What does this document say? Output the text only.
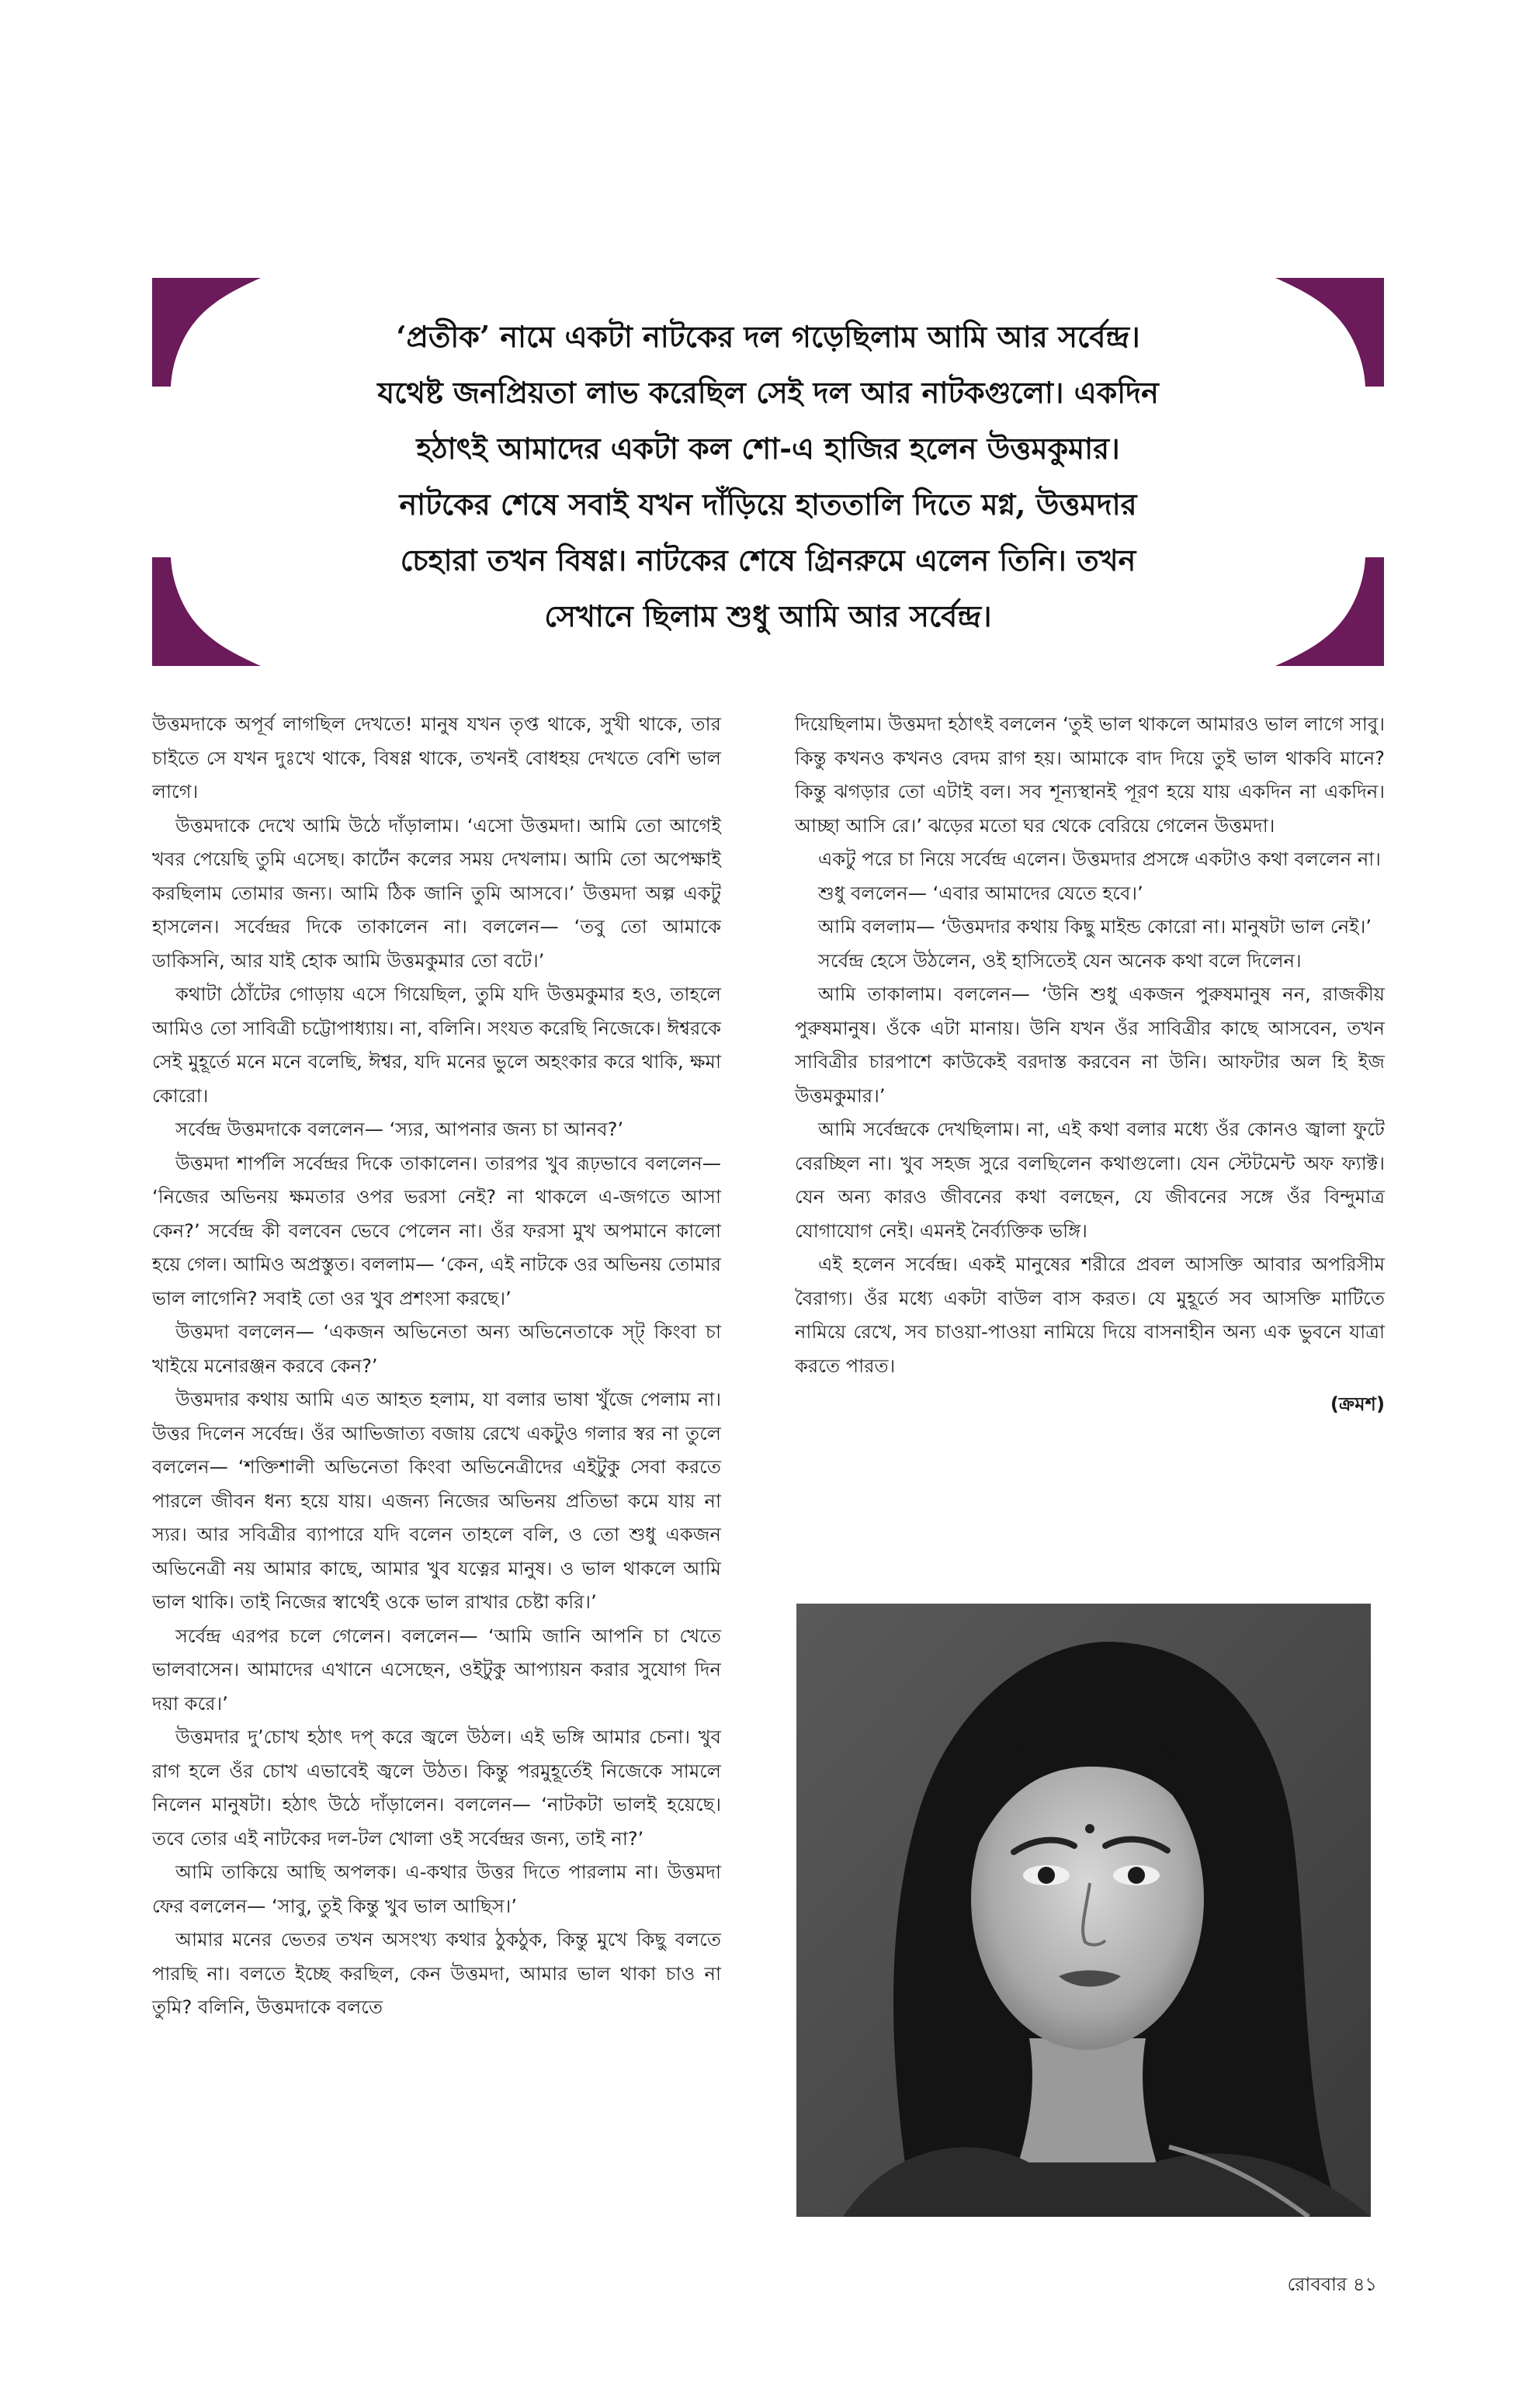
‘প্রতীক’ নামে একটা নাটকের দল গড়েছিলাম আমি আর সর্বেন্দ্র।
যথেষ্ট জনপ্রিয়তা লাভ করেছিল সেই দল আর নাটকগুলো। একদিন
হঠাৎই আমাদের একটা কল শো-এ হাজির হলেন উত্তমকুমার।
নাটকের শেষে সবাই যখন দাঁড়িয়ে হাততালি দিতে মগ্ন, উত্তমদার
চেহারা তখন বিষণ্ণ। নাটকের শেষে গ্রিনরুমে এলেন তিনি। তখন
সেখানে ছিলাম শুধু আমি আর সর্বেন্দ্র।

উত্তমদাকে অপূর্ব লাগছিল দেখতে! মানুষ যখন তৃপ্ত থাকে, সুখী থাকে, তার চাইতে সে যখন দুঃখে থাকে, বিষণ্ণ থাকে, তখনই বোধহয় দেখতে বেশি ভাল লাগে।

উত্তমদাকে দেখে আমি উঠে দাঁড়ালাম। ‘এসো উত্তমদা। আমি তো আগেই খবর পেয়েছি তুমি এসেছ। কার্টেন কলের সময় দেখলাম। আমি তো অপেক্ষাই করছিলাম তোমার জন্য। আমি ঠিক জানি তুমি আসবে।’ উত্তমদা অল্প একটু হাসলেন। সর্বেন্দ্রর দিকে তাকালেন না। বললেন— ‘তবু তো আমাকে ডাকিসনি, আর যাই হোক আমি উত্তমকুমার তো বটে।’

কথাটা ঠোঁটের গোড়ায় এসে গিয়েছিল, তুমি যদি উত্তমকুমার হও, তাহলে আমিও তো সাবিত্রী চট্টোপাধ্যায়। না, বলিনি। সংযত করেছি নিজেকে। ঈশ্বরকে সেই মুহূর্তে মনে মনে বলেছি, ঈশ্বর, যদি মনের ভুলে অহংকার করে থাকি, ক্ষমা কোরো।

সর্বেন্দ্র উত্তমদাকে বললেন— ‘স্যর, আপনার জন্য চা আনব?’

উত্তমদা শার্পলি সর্বেন্দ্রর দিকে তাকালেন। তারপর খুব রূঢ়ভাবে বললেন— ‘নিজের অভিনয় ক্ষমতার ওপর ভরসা নেই? না থাকলে এ-জগতে আসা কেন?’ সর্বেন্দ্র কী বলবেন ভেবে পেলেন না। ওঁর ফরসা মুখ অপমানে কালো হয়ে গেল। আমিও অপ্রস্তুত। বললাম— ‘কেন, এই নাটকে ওর অভিনয় তোমার ভাল লাগেনি? সবাই তো ওর খুব প্রশংসা করছে।’

উত্তমদা বললেন— ‘একজন অভিনেতা অন্য অভিনেতাকে স্ট্ কিংবা চা খাইয়ে মনোরঞ্জন করবে কেন?’

উত্তমদার কথায় আমি এত আহত হলাম, যা বলার ভাষা খুঁজে পেলাম না। উত্তর দিলেন সর্বেন্দ্র। ওঁর আভিজাত্য বজায় রেখে একটুও গলার স্বর না তুলে বললেন— ‘শক্তিশালী অভিনেতা কিংবা অভিনেত্রীদের এইটুকু সেবা করতে পারলে জীবন ধন্য হয়ে যায়। এজন্য নিজের অভিনয় প্রতিভা কমে যায় না স্যর। আর সবিত্রীর ব্যাপারে যদি বলেন তাহলে বলি, ও তো শুধু একজন অভিনেত্রী নয় আমার কাছে, আমার খুব যত্নের মানুষ। ও ভাল থাকলে আমি ভাল থাকি। তাই নিজের স্বার্থেই ওকে ভাল রাখার চেষ্টা করি।’

সর্বেন্দ্র এরপর চলে গেলেন। বললেন— ‘আমি জানি আপনি চা খেতে ভালবাসেন। আমাদের এখানে এসেছেন, ওইটুকু আপ্যায়ন করার সুযোগ দিন দয়া করে।’

উত্তমদার দু’চোখ হঠাৎ দপ্ করে জ্বলে উঠল। এই ভঙ্গি আমার চেনা। খুব রাগ হলে ওঁর চোখ এভাবেই জ্বলে উঠত। কিন্তু পরমুহূর্তেই নিজেকে সামলে নিলেন মানুষটা। হঠাৎ উঠে দাঁড়ালেন। বললেন— ‘নাটকটা ভালই হয়েছে। তবে তোর এই নাটকের দল-টল খোলা ওই সর্বেন্দ্রর জন্য, তাই না?’

আমি তাকিয়ে আছি অপলক। এ-কথার উত্তর দিতে পারলাম না। উত্তমদা ফের বললেন— ‘সাবু, তুই কিন্তু খুব ভাল আছিস।’

আমার মনের ভেতর তখন অসংখ্য কথার ঠুকঠুক, কিন্তু মুখে কিছু বলতে পারছি না। বলতে ইচ্ছে করছিল, কেন উত্তমদা, আমার ভাল থাকা চাও না তুমি? বলিনি, উত্তমদাকে বলতে

দিয়েছিলাম। উত্তমদা হঠাৎই বললেন ‘তুই ভাল থাকলে আমারও ভাল লাগে সাবু। কিন্তু কখনও কখনও বেদম রাগ হয়। আমাকে বাদ দিয়ে তুই ভাল থাকবি মানে? কিন্তু ঝগড়ার তো এটাই বল। সব শূন্যস্থানই পূরণ হয়ে যায় একদিন না একদিন। আচ্ছা আসি রে।’ ঝড়ের মতো ঘর থেকে বেরিয়ে গেলেন উত্তমদা।

একটু পরে চা নিয়ে সর্বেন্দ্র এলেন। উত্তমদার প্রসঙ্গে একটাও কথা বললেন না।

শুধু বললেন— ‘এবার আমাদের যেতে হবে।’

আমি বললাম— ‘উত্তমদার কথায় কিছু মাইন্ড কোরো না। মানুষটা ভাল নেই।’

সর্বেন্দ্র হেসে উঠলেন, ওই হাসিতেই যেন অনেক কথা বলে দিলেন।

আমি তাকালাম। বললেন— ‘উনি শুধু একজন পুরুষমানুষ নন, রাজকীয় পুরুষমানুষ। ওঁকে এটা মানায়। উনি যখন ওঁর সাবিত্রীর কাছে আসবেন, তখন সাবিত্রীর চারপাশে কাউকেই বরদাস্ত করবেন না উনি। আফটার অল হি ইজ উত্তমকুমার।’

আমি সর্বেন্দ্রকে দেখছিলাম। না, এই কথা বলার মধ্যে ওঁর কোনও জ্বালা ফুটে বেরচ্ছিল না। খুব সহজ সুরে বলছিলেন কথাগুলো। যেন স্টেটমেন্ট অফ ফ্যাক্ট। যেন অন্য কারও জীবনের কথা বলছেন, যে জীবনের সঙ্গে ওঁর বিন্দুমাত্র যোগাযোগ নেই। এমনই নৈর্ব্যক্তিক ভঙ্গি।

এই হলেন সর্বেন্দ্র। একই মানুষের শরীরে প্রবল আসক্তি আবার অপরিসীম বৈরাগ্য। ওঁর মধ্যে একটা বাউল বাস করত। যে মুহূর্তে সব আসক্তি মাটিতে নামিয়ে রেখে, সব চাওয়া-পাওয়া নামিয়ে দিয়ে বাসনাহীন অন্য এক ভুবনে যাত্রা করতে পারত।

(ক্রমশ)
রোববার ৪১
